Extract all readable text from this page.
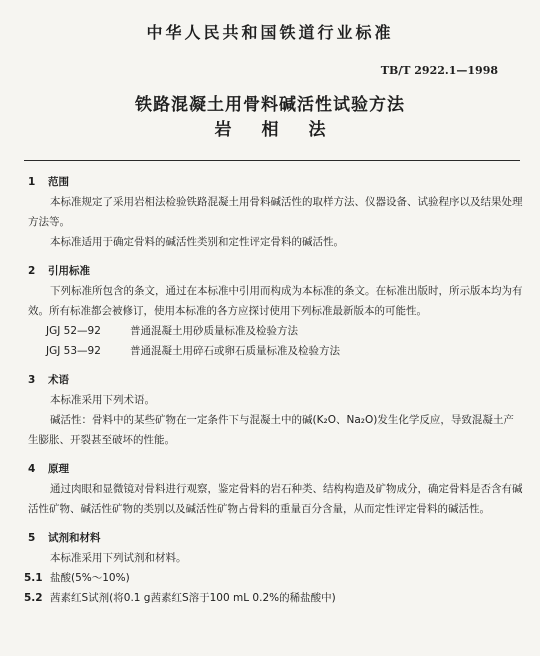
中华人民共和国铁道行业标准
TB/T 2922.1—1998
铁路混凝土用骨料碱活性试验方法
岩相法
1 范围

本标准规定了采用岩相法检验铁路混凝土用骨料碱活性的取样方法、仪器设备、试验程序以及结果处理方法等。

本标准适用于确定骨料的碱活性类别和定性评定骨料的碱活性。

2 引用标准

下列标准所包含的条文，通过在本标准中引用而构成为本标准的条文。在标准出版时，所示版本均为有效。所有标准都会被修订，使用本标准的各方应探讨使用下列标准最新版本的可能性。

JGJ 52—92	普通混凝土用砂质量标准及检验方法
JGJ 53—92	普通混凝土用碎石或卵石质量标准及检验方法
3 术语

本标准采用下列术语。

碱活性：骨料中的某些矿物在一定条件下与混凝土中的碱(K₂O、Na₂O)发生化学反应，导致混凝土产生膨胀、开裂甚至破坏的性能。

4 原理

通过肉眼和显微镜对骨料进行观察，鉴定骨料的岩石种类、结构构造及矿物成分，确定骨料是否含有碱活性矿物、碱活性矿物的类别以及碱活性矿物占骨料的重量百分含量，从而定性评定骨料的碱活性。

5 试剂和材料

本标准采用下列试剂和材料。

5.1 盐酸(5%～10%)
5.2 茜素红S试剂(将0.1 g茜素红S溶于100 mL 0.2%的稀盐酸中)
